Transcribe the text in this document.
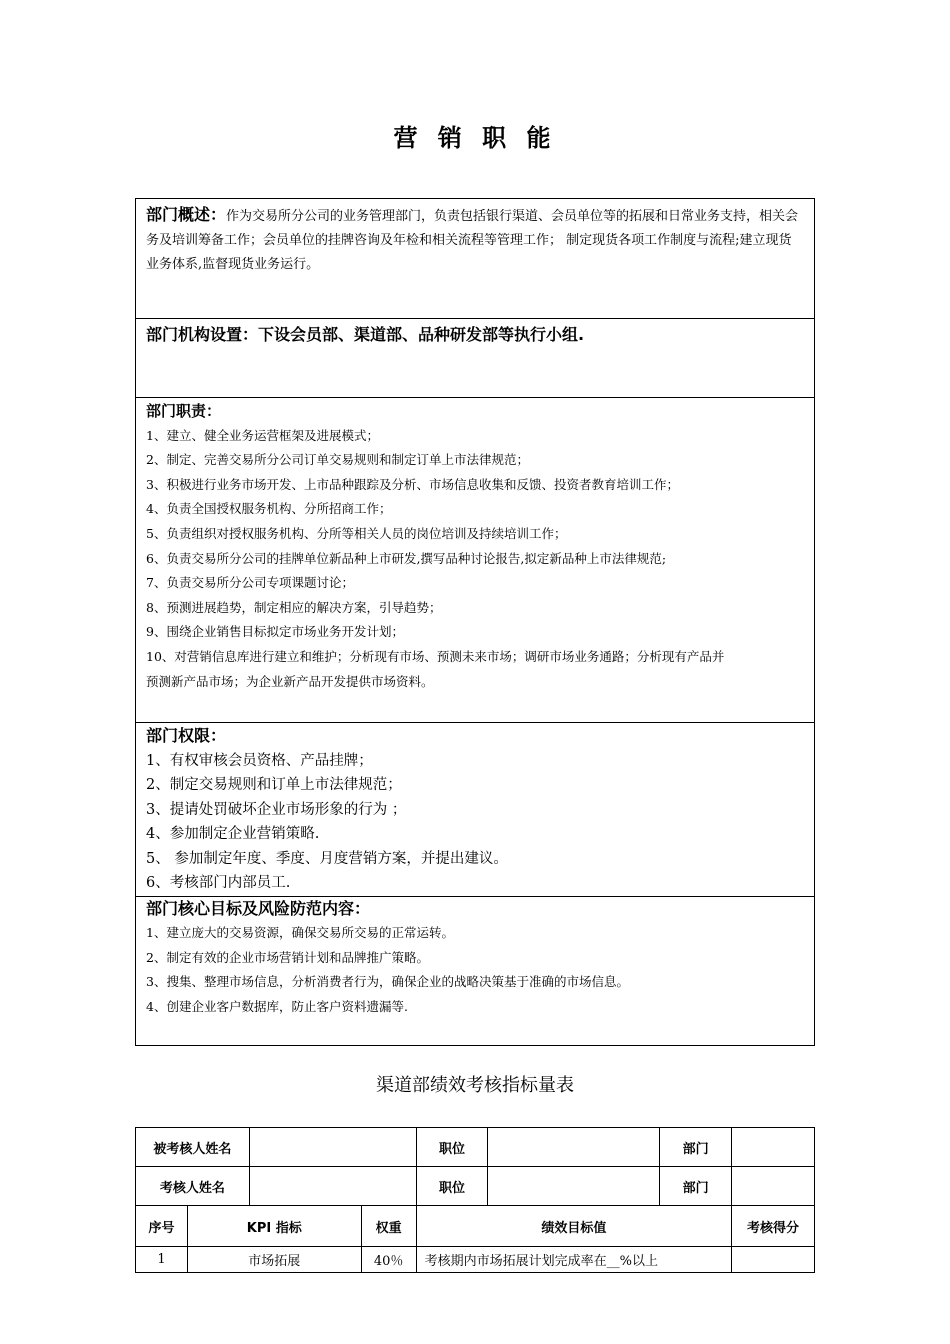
营 销 职 能
部门概述：作为交易所分公司的业务管理部门，负责包括银行渠道、会员单位等的拓展和日常业务支持，相关会务及培训筹备工作；会员单位的挂牌咨询及年检和相关流程等管理工作； 制定现货各项工作制度与流程;建立现货业务体系,监督现货业务运行。
部门机构设置：下设会员部、渠道部、品种研发部等执行小组.
部门职责：
1、建立、健全业务运营框架及进展模式；
2、制定、完善交易所分公司订单交易规则和制定订单上市法律规范；
3、积极进行业务市场开发、上市品种跟踪及分析、市场信息收集和反馈、投资者教育培训工作；
4、负责全国授权服务机构、分所招商工作；
5、负责组织对授权服务机构、分所等相关人员的岗位培训及持续培训工作；
6、负责交易所分公司的挂牌单位新品种上市研发,撰写品种讨论报告,拟定新品种上市法律规范;
7、负责交易所分公司专项课题讨论；
8、预测进展趋势，制定相应的解决方案，引导趋势；
9、围绕企业销售目标拟定市场业务开发计划；
10、对营销信息库进行建立和维护；分析现有市场、预测未来市场；调研市场业务通路；分析现有产品并
预测新产品市场；为企业新产品开发提供市场资料。
部门权限：
1、有权审核会员资格、产品挂牌；
2、制定交易规则和订单上市法律规范；
3、提请处罚破坏企业市场形象的行为 ；
4、参加制定企业营销策略.
5、 参加制定年度、季度、月度营销方案，并提出建议。
6、考核部门内部员工.
部门核心目标及风险防范内容：
1、建立庞大的交易资源，确保交易所交易的正常运转。
2、制定有效的企业市场营销计划和品牌推广策略。
3、搜集、整理市场信息，分析消费者行为，确保企业的战略决策基于准确的市场信息。
4、创建企业客户数据库，防止客户资料遗漏等.
渠道部绩效考核指标量表
被考核人姓名				职位		部门	
考核人姓名				职位		部门	
序号	KPI 指标		权重	绩效目标值			考核得分
1	市场拓展		40％	考核期内市场拓展计划完成率在__%以上			
